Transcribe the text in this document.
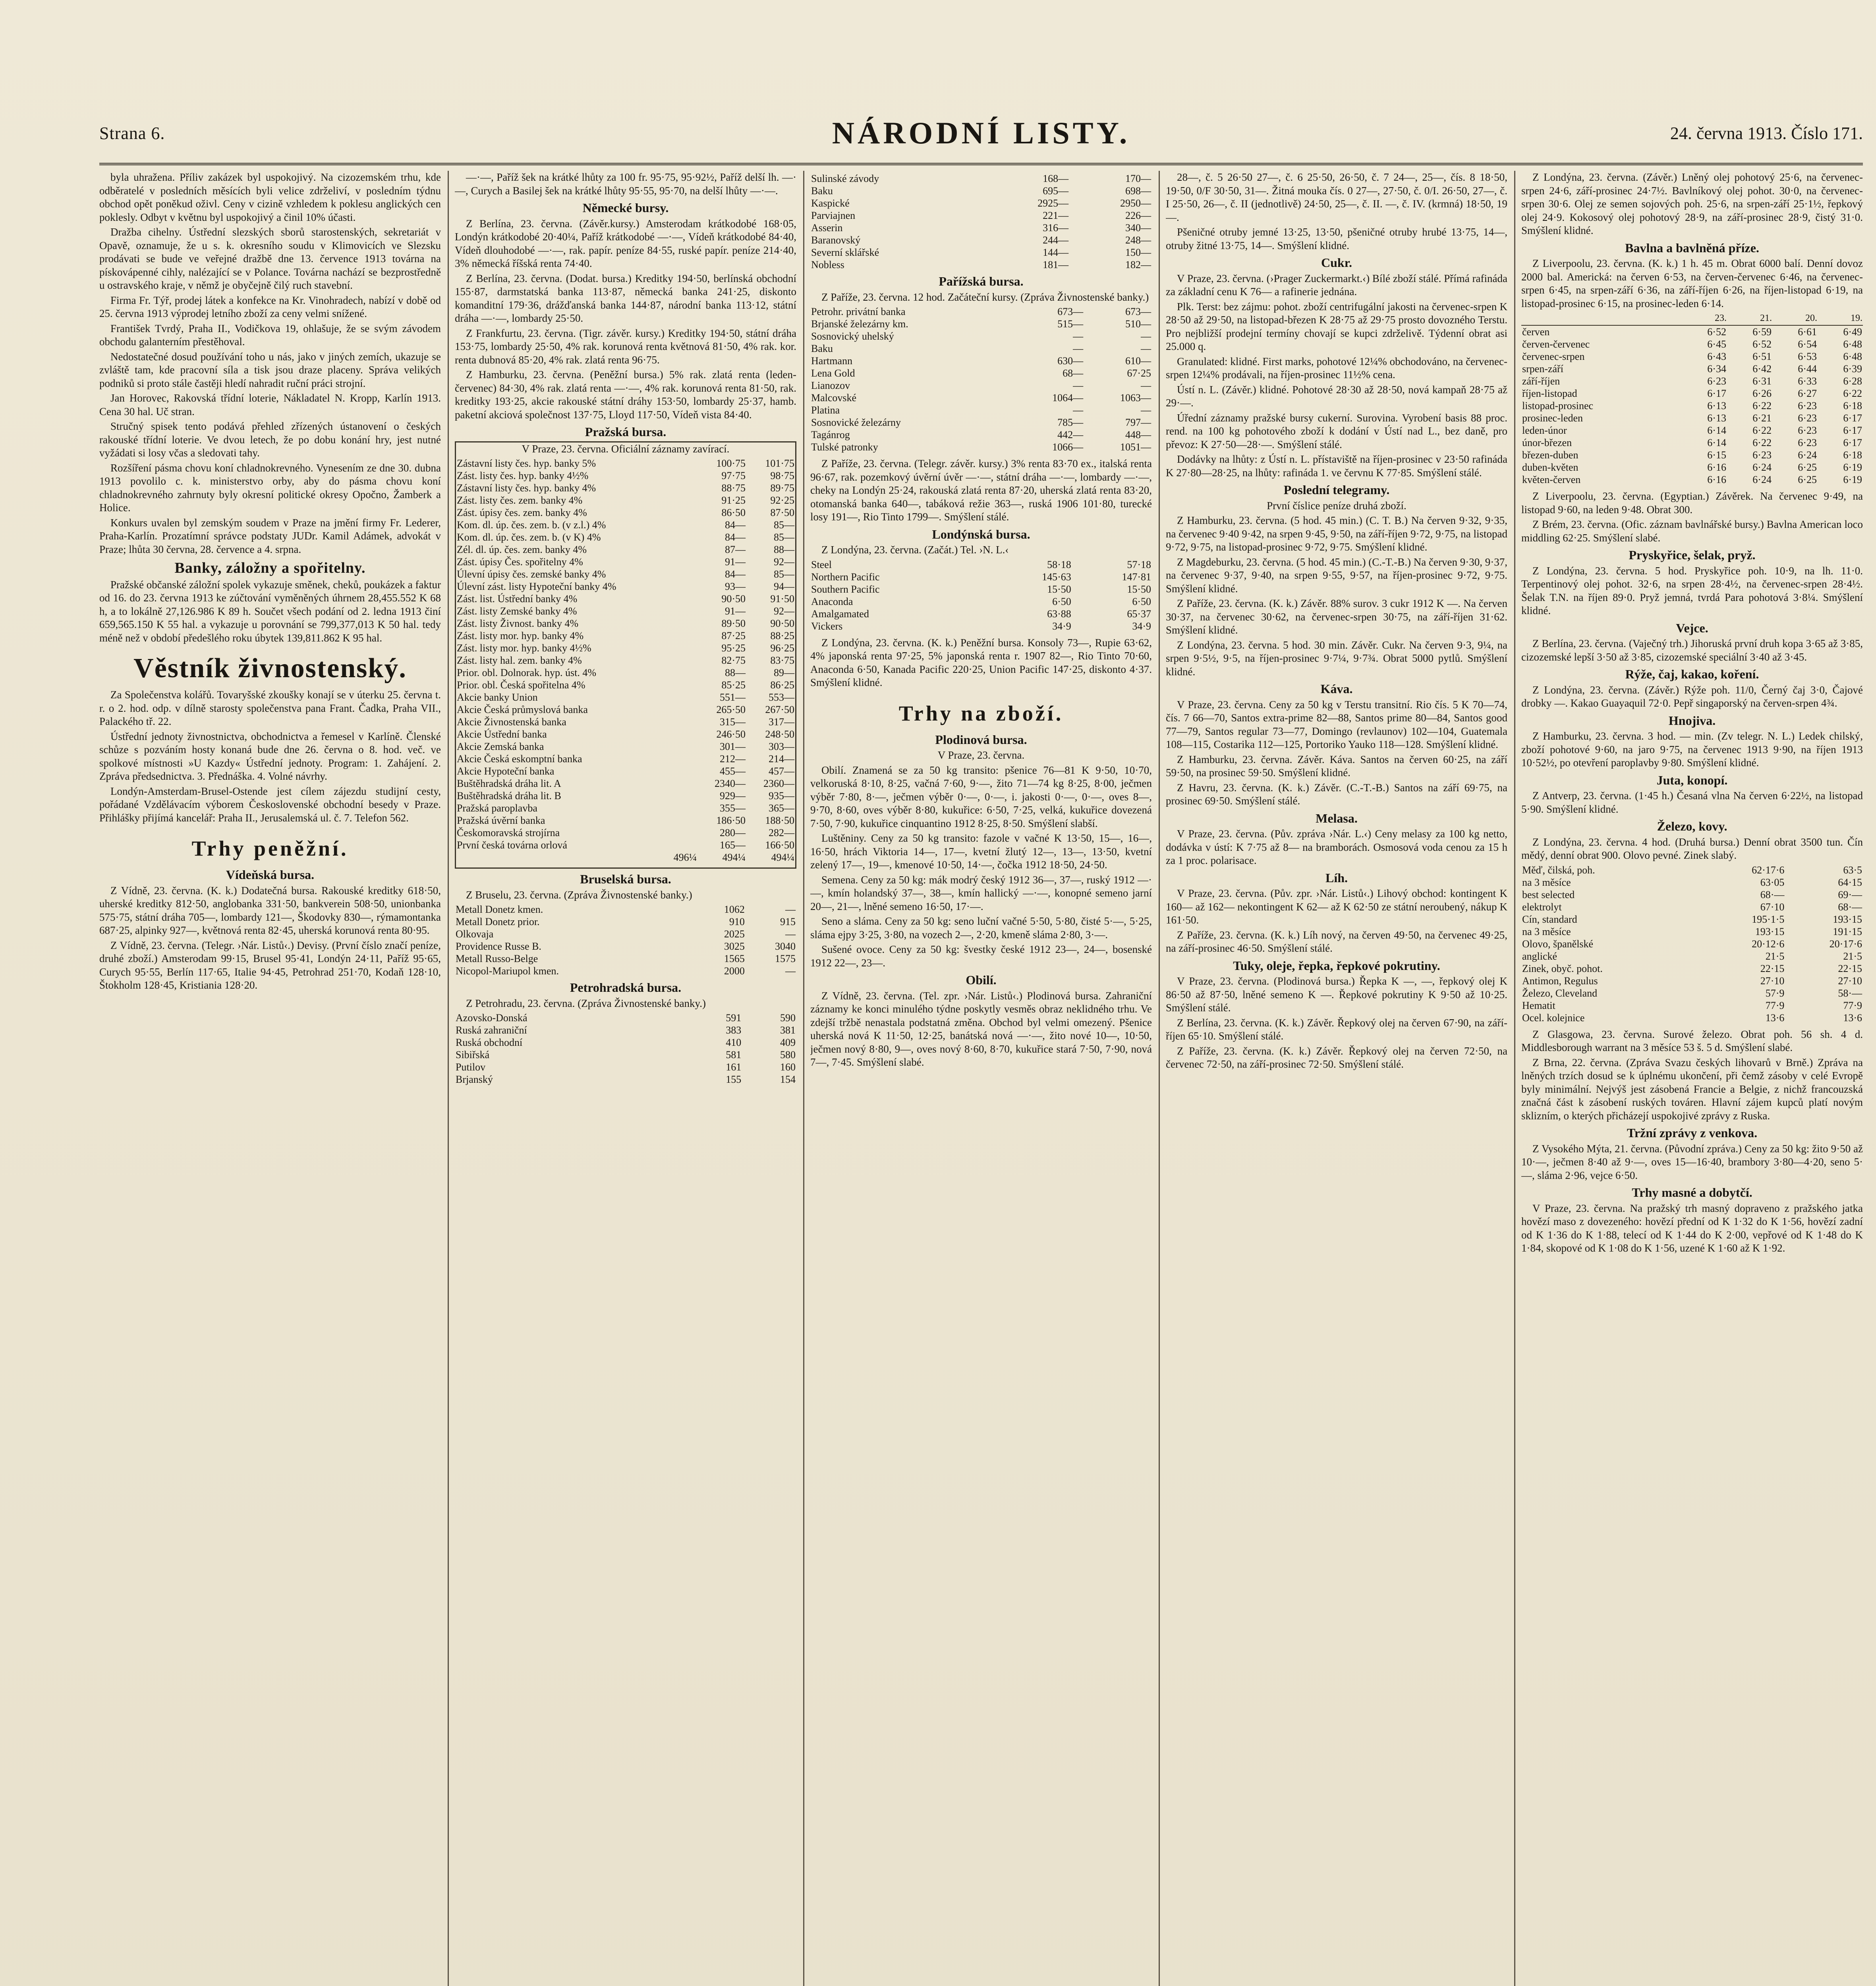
Strana 6.	NÁRODNÍ LISTY.	24. června 1913. Číslo 171.

byla uhražena. Příliv zakázek byl uspokojivý. Na cizozemském trhu, kde odběratelé v posledních měsících byli velice zdrželiví, v posledním týdnu obchod opět poněkud oživl. Ceny v cizině vzhledem k poklesu anglických cen poklesly. Odbyt v květnu byl uspokojivý a činil 10% účasti.

Dražba cihelny. Ústřední slezských sborů starostenských, sekretariát v Opavě, oznamuje, že u s. k. okresního soudu v Klimovicích ve Slezsku prodávati se bude ve veřejné dražbě dne 13. července 1913 továrna na pískovápenné cihly, nalézající se v Polance. Továrna nachází se bezprostředně u ostravského kraje, v němž je obyčejně čilý ruch stavební.

Firma Fr. Týř, prodej látek a konfekce na Kr. Vinohradech, nabízí v době od 25. června 1913 výprodej letního zboží za ceny velmi snížené.

František Tvrdý, Praha II., Vodičkova 19, ohlašuje, že se svým závodem obchodu galanterním přestěhoval.

Nedostatečné dosud používání toho u nás, jako v jiných zemích, ukazuje se zvláště tam, kde pracovní síla a tisk jsou draze placeny. Správa velikých podniků si proto stále častěji hledí nahradit ruční práci strojní.

Jan Horovec, Rakovská třídní loterie, Nákladatel N. Kropp, Karlín 1913. Cena 30 hal. Uč stran.

Stručný spisek tento podává přehled zřízených ústanovení o českých rakouské třídní loterie. Ve dvou letech, že po dobu konání hry, jest nutné vyžádati si losy včas a sledovati tahy.

Rozšíření pásma chovu koní chladnokrevného. Vynesením ze dne 30. dubna 1913 povolilo c. k. ministerstvo orby, aby do pásma chovu koní chladnokrevného zahrnuty byly okresní politické okresy Opočno, Žamberk a Holice.

Konkurs uvalen byl zemským soudem v Praze na jmění firmy Fr. Lederer, Praha-Karlín. Prozatímní správce podstaty JUDr. Kamil Adámek, advokát v Praze; lhůta 30 června, 28. července a 4. srpna.

Banky, záložny a spořitelny.

Pražské občanské záložní spolek vykazuje směnek, cheků, poukázek a faktur od 16. do 23. června 1913 ke zúčtování vyměněných úhrnem 28,455.552 K 68 h, a to lokálně 27,126.986 K 89 h. Součet všech podání od 2. ledna 1913 činí 659,565.150 K 55 hal. a vykazuje u porovnání se 799,377,013 K 50 hal. tedy méně než v období předešlého roku úbytek 139,811.862 K 95 hal.

Věstník živnostenský.

Za Společenstva kolářů. Tovaryšské zkoušky konají se v úterku 25. června t. r. o 2. hod. odp. v dílně starosty společenstva pana Frant. Čadka, Praha VII., Palackého tř. 22.

Ústřední jednoty živnostnictva, obchodnictva a řemesel v Karlíně. Členské schůze s pozváním hosty konaná bude dne 26. června o 8. hod. več. ve spolkové místnosti »U Kazdy« Ústřední jednoty. Program: 1. Zahájení. 2. Zpráva předsednictva. 3. Přednáška. 4. Volné návrhy.

Londýn-Amsterdam-Brusel-Ostende jest cílem zájezdu studijní cesty, pořádané Vzdělávacím výborem Československé obchodní besedy v Praze. Přihlášky přijímá kancelář: Praha II., Jerusalemská ul. č. 7. Telefon 562.

Trhy peněžní.
Vídeňská bursa.

Z Vídně, 23. června. (K. k.) Dodatečná bursa. Rakouské kreditky 618·50, uherské kreditky 812·50, anglobanka 331·50, bankverein 508·50, unionbanka 575·75, státní dráha 705—, lombardy 121—, Škodovky 830—, rýmamontanka 687·25, alpinky 927—, květnová renta 82·45, uherská korunová renta 80·95.

Z Vídně, 23. června. (Telegr. ›Nár. Listů‹.) Devisy. (První číslo značí peníze, druhé zboží.) Amsterodam 99·15, Brusel 95·41, Londýn 24·11, Paříž 95·65, Curych 95·55, Berlín 117·65, Italie 94·45, Petrohrad 251·70, Kodaň 128·10, Štokholm 128·45, Kristiania 128·20.

—·—, Paříž šek na krátké lhůty za 100 fr. 95·75, 95·92½, Paříž delší lh. —·—, Curych a Basilej šek na krátké lhůty 95·55, 95·70, na delší lhůty —·—.

Německé bursy.

Z Berlína, 23. června. (Závěr.kursy.) Amsterodam krátkodobé 168·05, Londýn krátkodobé 20·40¼, Paříž krátkodobé —·—, Vídeň krátkodobé 84·40, Vídeň dlouhodobé —·—, rak. papír. peníze 84·55, ruské papír. peníze 214·40, 3% německá říšská renta 74·40.

Z Berlína, 23. června. (Dodat. bursa.) Kreditky 194·50, berlínská obchodní 155·87, darmstatská banka 113·87, německá banka 241·25, diskonto komanditní 179·36, drážďanská banka 144·87, národní banka 113·12, státní dráha —·—, lombardy 25·50.

Z Frankfurtu, 23. června. (Tigr. závěr. kursy.) Kreditky 194·50, státní dráha 153·75, lombardy 25·50, 4% rak. korunová renta květnová 81·50, 4% rak. kor. renta dubnová 85·20, 4% rak. zlatá renta 96·75.

Z Hamburku, 23. června. (Peněžní bursa.) 5% rak. zlatá renta (leden-červenec) 84·30, 4% rak. zlatá renta —·—, 4% rak. korunová renta 81·50, rak. kreditky 193·25, akcie rakouské státní dráhy 153·50, lombardy 25·37, hamb. paketní akciová společnost 137·75, Lloyd 117·50, Vídeň vista 84·40.

Pražská bursa.

V Praze, 23. června. Oficiální záznamy zavírací.

Zástavní listy čes. hyp. banky 5%	100·75	101·75
Zást. listy čes. hyp. banky 4½%	97·75	98·75
Zástavní listy čes. hyp. banky 4%	88·75	89·75
Zást. listy čes. zem. banky 4%	91·25	92·25
Zást. úpisy čes. zem. banky 4%	86·50	87·50
Kom. dl. úp. čes. zem. b. (v z.l.) 4%	84—	85—
Kom. dl. úp. čes. zem. b. (v K) 4%	84—	85—
Zél. dl. úp. čes. zem. banky 4%	87—	88—
Zást. úpisy Čes. spořitelny 4%	91—	92—
Úlevní úpisy čes. zemské banky 4%	84—	85—
Úlevní zást. listy Hypoteční banky 4%	93—	94—
Zást. list. Ústřední banky 4%	90·50	91·50
Zást. listy Zemské banky 4%	91—	92—
Zást. listy Živnost. banky 4%	89·50	90·50
Zást. listy mor. hyp. banky 4%	87·25	88·25
Zást. listy mor. hyp. banky 4½%	95·25	96·25
Zást. listy hal. zem. banky 4%	82·75	83·75
Prior. obl. Dolnorak. hyp. úst. 4%	88—	89—
Prior. obl. Česká spořitelna 4%	85·25	86·25
Akcie banky Union	551—	553—
Akcie Česká průmyslová banka	265·50	267·50
Akcie Živnostenská banka	315—	317—
Akcie Ústřední banka	246·50	248·50
Akcie Zemská banka	301—	303—
Akcie Česká eskomptní banka	212—	214—
Akcie Hypoteční banka	455—	457—
Buštěhradská dráha lit. A	2340—	2360—
Buštěhradská dráha lit. B	929—	935—
Pražská paroplavba	355—	365—
Pražská úvěrní banka	186·50	188·50
Českomoravská strojírna	280—	282—
První česká továrna orlová	165—	166·50
496¼	494¼	494¼
Bruselská bursa.

Z Bruselu, 23. června. (Zpráva Živnostenské banky.)

Metall Donetz kmen.	1062	—
Metall Donetz prior.	910	915
Olkovaja	2025	—
Providence Russe B.	3025	3040
Metall Russo-Belge	1565	1575
Nicopol-Mariupol kmen.	2000	—
Petrohradská bursa.

Z Petrohradu, 23. června. (Zpráva Živnostenské banky.)

Azovsko-Donská	591	590
Ruská zahraniční	383	381
Ruská obchodní	410	409
Sibiřská	581	580
Putilov	161	160
Brjanský	155	154
Sulinské závody	168—	170—
Baku	695—	698—
Kaspické	2925—	2950—
Parviajnen	221—	226—
Asserin	316—	340—
Baranovský	244—	248—
Severní sklářské	144—	150—
Nobless	181—	182—
Pařížská bursa.

Z Paříže, 23. června. 12 hod. Začáteční kursy. (Zpráva Živnostenské banky.)

Petrohr. privátní banka	673—	673—
Brjanské železárny km.	515—	510—
Sosnovický uhelský	—	—
Baku	—	—
Hartmann	630—	610—
Lena Gold	68—	67·25
Lianozov	—	—
Malcovské	1064—	1063—
Platina	—	—
Sosnovické železárny	785—	797—
Tagánrog	442—	448—
Tulské patronky	1066—	1051—

Z Paříže, 23. června. (Telegr. závěr. kursy.) 3% renta 83·70 ex., italská renta 96·67, rak. pozemkový úvěrní úvěr —·—, státní dráha —·—, lombardy —·—, cheky na Londýn 25·24, rakouská zlatá renta 87·20, uherská zlatá renta 83·20, otomanská banka 640—, tabáková režie 363—, ruská 1906 101·80, turecké losy 191—, Rio Tinto 1799—. Smýšlení stálé.

Londýnská bursa.

Z Londýna, 23. června. (Začát.) Tel. ›N. L.‹

Steel	58·18	57·18
Northern Pacific	145·63	147·81
Southern Pacific	15·50	15·50
Anaconda	6·50	6·50
Amalgamated	63·88	65·37
Vickers	34·9	34·9

Z Londýna, 23. června. (K. k.) Peněžní bursa. Konsoly 73—, Rupie 63·62, 4% japonská renta 97·25, 5% japonská renta r. 1907 82—, Rio Tinto 70·60, Anaconda 6·50, Kanada Pacific 220·25, Union Pacific 147·25, diskonto 4·37. Smýšlení klidné.

Trhy na zboží.
Plodinová bursa.

V Praze, 23. června.

Obilí. Znamená se za 50 kg transito: pšenice 76—81 K 9·50, 10·70, velkoruská 8·10, 8·25, vačná 7·60, 9·—, žito 71—74 kg 8·25, 8·00, ječmen výběr 7·80, 8·—, ječmen výběr 0·—, 0·—, i. jakosti 0·—, 0·—, oves 8—, 9·70, 8·60, oves výběr 8·80, kukuřice: 6·50, 7·25, velká, kukuřice dovezená 7·50, 7·90, kukuřice cinquantino 1912 8·25, 8·50. Smýšlení slabší.

Luštěniny. Ceny za 50 kg transito: fazole v vačné K 13·50, 15—, 16—, 16·50, hrách Viktoria 14—, 17—, kvetní žlutý 12—, 13—, 13·50, kvetní zelený 17—, 19—, kmenové 10·50, 14·—, čočka 1912 18·50, 24·50.

Semena. Ceny za 50 kg: mák modrý český 1912 36—, 37—, ruský 1912 —·—, kmín holandský 37—, 38—, kmín hallický —·—, konopné semeno jarní 20—, 21—, lněné semeno 16·50, 17·—.

Seno a sláma. Ceny za 50 kg: seno luční vačné 5·50, 5·80, čisté 5·—, 5·25, sláma ejpy 3·25, 3·80, na vozech 2—, 2·20, kmeně sláma 2·80, 3·—.

Sušené ovoce. Ceny za 50 kg: švestky české 1912 23—, 24—, bosenské 1912 22—, 23—.

Obilí.

Z Vídně, 23. června. (Tel. zpr. ›Nár. Listů‹.) Plodinová bursa. Zahraniční záznamy ke konci minulého týdne poskytly vesměs obraz neklidného trhu. Ve zdejší tržbě nenastala podstatná změna. Obchod byl velmi omezený. Pšenice uherská nová K 11·50, 12·25, banátská nová —·—, žito nové 10—, 10·50, ječmen nový 8·80, 9—, oves nový 8·60, 8·70, kukuřice stará 7·50, 7·90, nová 7—, 7·45. Smýšlení slabé.

28—, č. 5 26·50 27—, č. 6 25·50, 26·50, č. 7 24—, 25—, čís. 8 18·50, 19·50, 0/F 30·50, 31—. Žitná mouka čís. 0 27—, 27·50, č. 0/I. 26·50, 27—, č. I 25·50, 26—, č. II (jednotlivě) 24·50, 25—, č. II. —, č. IV. (krmná) 18·50, 19—.

Pšeničné otruby jemné 13·25, 13·50, pšeničné otruby hrubé 13·75, 14—, otruby žitné 13·75, 14—. Smýšlení klidné.

Cukr.

V Praze, 23. června. (›Prager Zuckermarkt.‹) Bílé zboží stálé. Přímá rafináda za základní cenu K 76— a rafinerie jednána.

Plk. Terst: bez zájmu: pohot. zboží centrifugální jakosti na červenec-srpen K 28·50 až 29·50, na listopad-březen K 28·75 až 29·75 prosto dovozného Terstu. Pro nejbližší prodejní termíny chovají se kupci zdrželivě. Týdenní obrat asi 25.000 q.

Granulated: klidné. First marks, pohotové 12¼% obchodováno, na červenec-srpen 12¼% prodávali, na říjen-prosinec 11½% cena.

Ústí n. L. (Závěr.) klidné. Pohotové 28·30 až 28·50, nová kampaň 28·75 až 29·—.

Úřední záznamy pražské bursy cukerní. Surovina. Vyrobení basis 88 proc. rend. na 100 kg pohotového zboží k dodání v Ústí nad L., bez daně, pro převoz: K 27·50—28·—. Smýšlení stálé.

Dodávky na lhůty: z Ústí n. L. přístaviště na říjen-prosinec v 23·50 rafináda K 27·80—28·25, na lhůty: rafináda 1. ve červnu K 77·85. Smýšlení stálé.

Poslední telegramy.

První číslice peníze druhá zboží.

Z Hamburku, 23. června. (5 hod. 45 min.) (C. T. B.) Na červen 9·32, 9·35, na červenec 9·40 9·42, na srpen 9·45, 9·50, na září-říjen 9·72, 9·75, na listopad 9·72, 9·75, na listopad-prosinec 9·72, 9·75. Smýšlení klidné.

Z Magdeburku, 23. června. (5 hod. 45 min.) (C.-T.-B.) Na červen 9·30, 9·37, na červenec 9·37, 9·40, na srpen 9·55, 9·57, na říjen-prosinec 9·72, 9·75. Smýšlení klidné.

Z Paříže, 23. června. (K. k.) Závěr. 88% surov. 3 cukr 1912 K —. Na červen 30·37, na červenec 30·62, na červenec-srpen 30·75, na září-říjen 31·62. Smýšlení klidné.

Z Londýna, 23. června. 5 hod. 30 min. Závěr. Cukr. Na červen 9·3, 9¼, na srpen 9·5½, 9·5, na říjen-prosinec 9·7¼, 9·7¾. Obrat 5000 pytlů. Smýšlení klidné.

Káva.

V Praze, 23. června. Ceny za 50 kg v Terstu transitní. Rio čís. 5 K 70—74, čís. 7 66—70, Santos extra-prime 82—88, Santos prime 80—84, Santos good 77—79, Santos regular 73—77, Domingo (revlaunov) 102—104, Guatemala 108—115, Costarika 112—125, Portoriko Yauko 118—128. Smýšlení klidné.

Z Hamburku, 23. června. Závěr. Káva. Santos na červen 60·25, na září 59·50, na prosinec 59·50. Smýšlení klidné.

Z Havru, 23. června. (K. k.) Závěr. (C.-T.-B.) Santos na září 69·75, na prosinec 69·50. Smýšlení stálé.

Melasa.

V Praze, 23. června. (Pův. zpráva ›Nár. L.‹) Ceny melasy za 100 kg netto, dodávka v ústí: K 7·75 až 8— na bramborách. Osmosová voda cenou za 15 h za 1 proc. polarisace.

Líh.

V Praze, 23. června. (Pův. zpr. ›Nár. Listů‹.) Lihový obchod: kontingent K 160— až 162— nekontingent K 62— až K 62·50 ze státní neroubený, nákup K 161·50.

Z Paříže, 23. června. (K. k.) Líh nový, na červen 49·50, na červenec 49·25, na září-prosinec 46·50. Smýšlení stálé.

Tuky, oleje, řepka, řepkové pokrutiny.

V Praze, 23. června. (Plodinová bursa.) Řepka K —, —, řepkový olej K 86·50 až 87·50, lněné semeno K —. Řepkové pokrutiny K 9·50 až 10·25. Smýšlení stálé.

Z Berlína, 23. června. (K. k.) Závěr. Řepkový olej na červen 67·90, na září-říjen 65·10. Smýšlení stálé.

Z Paříže, 23. června. (K. k.) Závěr. Řepkový olej na červen 72·50, na červenec 72·50, na září-prosinec 72·50. Smýšlení stálé.

Z Londýna, 23. června. (Závěr.) Lněný olej pohotový 25·6, na červenec-srpen 24·6, září-prosinec 24·7½. Bavlníkový olej pohot. 30·0, na červenec-srpen 30·6. Olej ze semen sojových poh. 25·6, na srpen-září 25·1½, řepkový olej 24·9. Kokosový olej pohotový 28·9, na září-prosinec 28·9, čistý 31·0. Smýšlení klidné.

Bavlna a bavlněná příze.

Z Liverpoolu, 23. června. (K. k.) 1 h. 45 m. Obrat 6000 balí. Denní dovoz 2000 bal. Americká: na červen 6·53, na červen-červenec 6·46, na červenec-srpen 6·45, na srpen-září 6·36, na září-říjen 6·26, na říjen-listopad 6·19, na listopad-prosinec 6·15, na prosinec-leden 6·14.

	23.	21.	20.	19.
červen	6·52	6·59	6·61	6·49
červen-červenec	6·45	6·52	6·54	6·48
červenec-srpen	6·43	6·51	6·53	6·48
srpen-září	6·34	6·42	6·44	6·39
září-říjen	6·23	6·31	6·33	6·28
říjen-listopad	6·17	6·26	6·27	6·22
listopad-prosinec	6·13	6·22	6·23	6·18
prosinec-leden	6·13	6·21	6·23	6·17
leden-únor	6·14	6·22	6·23	6·17
únor-březen	6·14	6·22	6·23	6·17
březen-duben	6·15	6·23	6·24	6·18
duben-květen	6·16	6·24	6·25	6·19
květen-červen	6·16	6·24	6·25	6·19

Z Liverpoolu, 23. června. (Egyptian.) Závěrek. Na červenec 9·49, na listopad 9·60, na leden 9·48. Obrat 300.

Z Brém, 23. června. (Ofic. záznam bavlnářské bursy.) Bavlna American loco middling 62·25. Smýšlení slabé.

Pryskyřice, šelak, pryž.

Z Londýna, 23. června. 5 hod. Pryskyřice poh. 10·9, na lh. 11·0. Terpentinový olej pohot. 32·6, na srpen 28·4½, na červenec-srpen 28·4½. Šelak T.N. na říjen 89·0. Pryž jemná, tvrdá Para pohotová 3·8¼. Smýšlení klidné.

Vejce.

Z Berlína, 23. června. (Vaječný trh.) Jihoruská první druh kopa 3·65 až 3·85, cizozemské lepší 3·50 až 3·85, cizozemské speciální 3·40 až 3·45.

Rýže, čaj, kakao, koření.

Z Londýna, 23. června. (Závěr.) Rýže poh. 11/0, Černý čaj 3·0, Čajové drobky —. Kakao Guayaquil 72·0. Pepř singaporský na červen-srpen 4¾.

Hnojiva.

Z Hamburku, 23. června. 3 hod. — min. (Zv telegr. N. L.) Ledek chilský, zboží pohotové 9·60, na jaro 9·75, na červenec 1913 9·90, na říjen 1913 10·52½, po otevření paroplavby 9·80. Smýšlení klidné.

Juta, konopí.

Z Antverp, 23. června. (1·45 h.) Česaná vlna Na červen 6·22½, na listopad 5·90. Smýšlení klidné.

Železo, kovy.

Z Londýna, 23. června. 4 hod. (Druhá bursa.) Denní obrat 3500 tun. Čín mědý, denní obrat 900. Olovo pevné. Zinek slabý.

Měď, čilská, poh.	62·17·6	63·5
na 3 měsíce	63·05	64·15
best selected	68·—	69·—
elektrolyt	67·10	68·—
Cín, standard	195·1·5	193·15
na 3 měsíce	193·15	191·15
Olovo, španělské	20·12·6	20·17·6
anglické	21·5	21·5
Zinek, obyč. pohot.	22·15	22·15
Antimon, Regulus	27·10	27·10
Železo, Cleveland	57·9	58·—
Hematit	77·9	77·9
Ocel. kolejnice	13·6	13·6

Z Glasgowa, 23. června. Surové železo. Obrat poh. 56 sh. 4 d. Middlesborough warrant na 3 měsíce 53 š. 5 d. Smýšlení slabé.

Z Brna, 22. června. (Zpráva Svazu českých lihovarů v Brně.) Zpráva na lněných trzích dosud se k úplnému ukončení, při čemž zásoby v celé Evropě byly minimální. Nejvýš jest zásobená Francie a Belgie, z nichž francouzská značná část k zásobení ruských továren. Hlavní zájem kupců platí novým sklizním, o kterých přicházejí uspokojivé zprávy z Ruska.

Tržní zprávy z venkova.

Z Vysokého Mýta, 21. června. (Původní zpráva.) Ceny za 50 kg: žito 9·50 až 10·—, ječmen 8·40 až 9·—, oves 15—16·40, brambory 3·80—4·20, seno 5·—, sláma 2·96, vejce 6·50.

Trhy masné a dobytčí.

V Praze, 23. června. Na pražský trh masný dopraveno z pražského jatka hovězí maso z dovezeného: hovězí přední od K 1·32 do K 1·56, hovězí zadní od K 1·36 do K 1·88, telecí od K 1·44 do K 2·00, vepřové od K 1·48 do K 1·84, skopové od K 1·08 do K 1·56, uzené K 1·60 až K 1·92.
